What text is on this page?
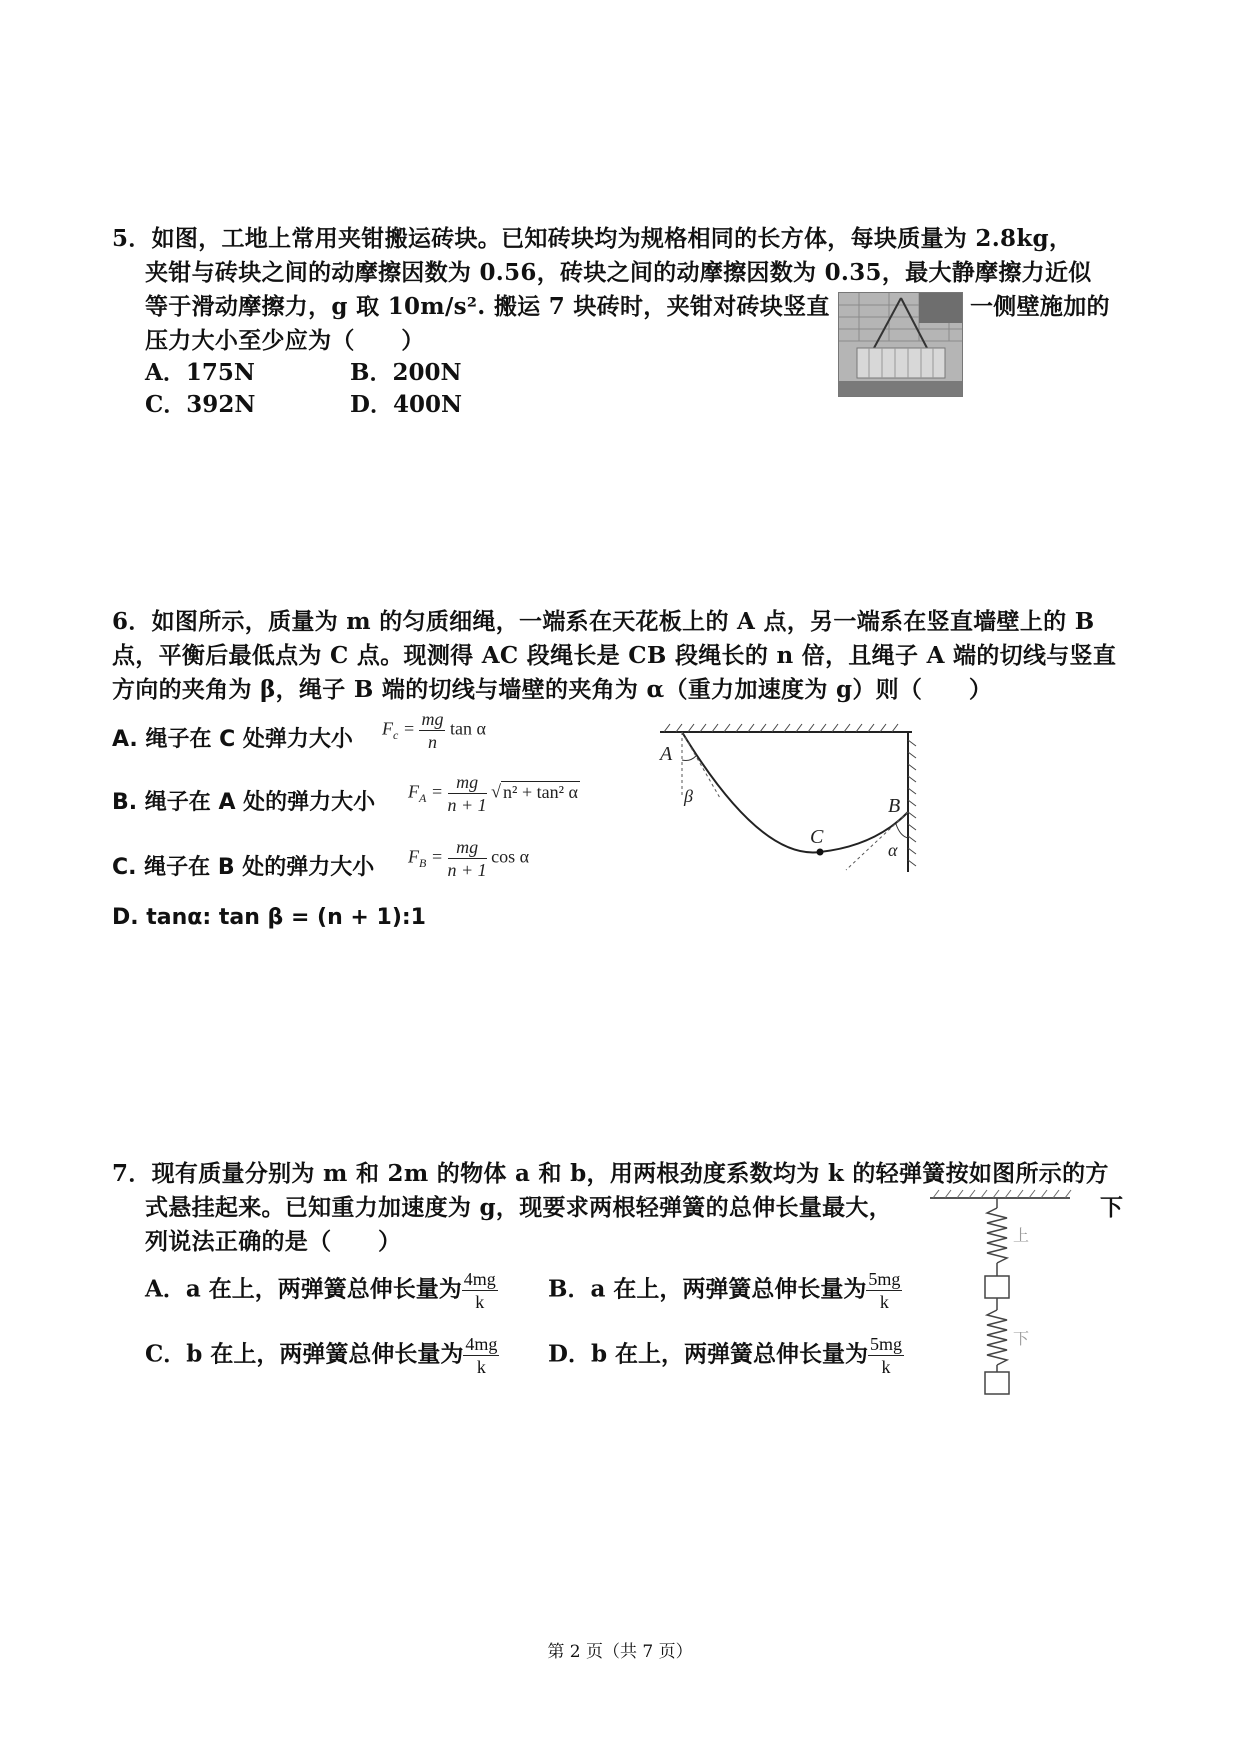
5．如图，工地上常用夹钳搬运砖块。已知砖块均为规格相同的长方体，每块质量为 2.8kg，
夹钳与砖块之间的动摩擦因数为 0.56，砖块之间的动摩擦因数为 0.35，最大静摩擦力近似
等于滑动摩擦力，g 取 10m/s². 搬运 7 块砖时，夹钳对砖块竖直	一侧壁施加的
压力大小至少应为（　　）
A．175N	B．200N
C．392N	D．400N
6．如图所示，质量为 m 的匀质细绳，一端系在天花板上的 A 点，另一端系在竖直墙壁上的 B
点，平衡后最低点为 C 点。现测得 AC 段绳长是 CB 段绳长的 n 倍，且绳子 A 端的切线与竖直
方向的夹角为 β，绳子 B 端的切线与墙壁的夹角为 α（重力加速度为 g）则（　　）
A. 绳子在 C 处弹力大小 $F_c = \frac{mg}{n}$ tan α
B. 绳子在 A 处的弹力大小 $F_A = \frac{mg}{n + 1}$ √ n² + tan² α
C. 绳子在 B 处的弹力大小 $F_B = \frac{mg}{n + 1}$ cos α
D. tanα: tan β = (n + 1):1
A
β
C
B
α
7．现有质量分别为 m 和 2m 的物体 a 和 b，用两根劲度系数均为 k 的轻弹簧按如图所示的方
式悬挂起来。已知重力加速度为 g，现要求两根轻弹簧的总伸长量最大，	下
列说法正确的是（　　）
A．a 在上，两弹簧总伸长量为 $\frac{4mg}{k}$ B．a 在上，两弹簧总伸长量为 $\frac{5mg}{k}$
C．b 在上，两弹簧总伸长量为 $\frac{4mg}{k}$ D．b 在上，两弹簧总伸长量为 $\frac{5mg}{k}$
上
下
第 2 页（共 7 页）
